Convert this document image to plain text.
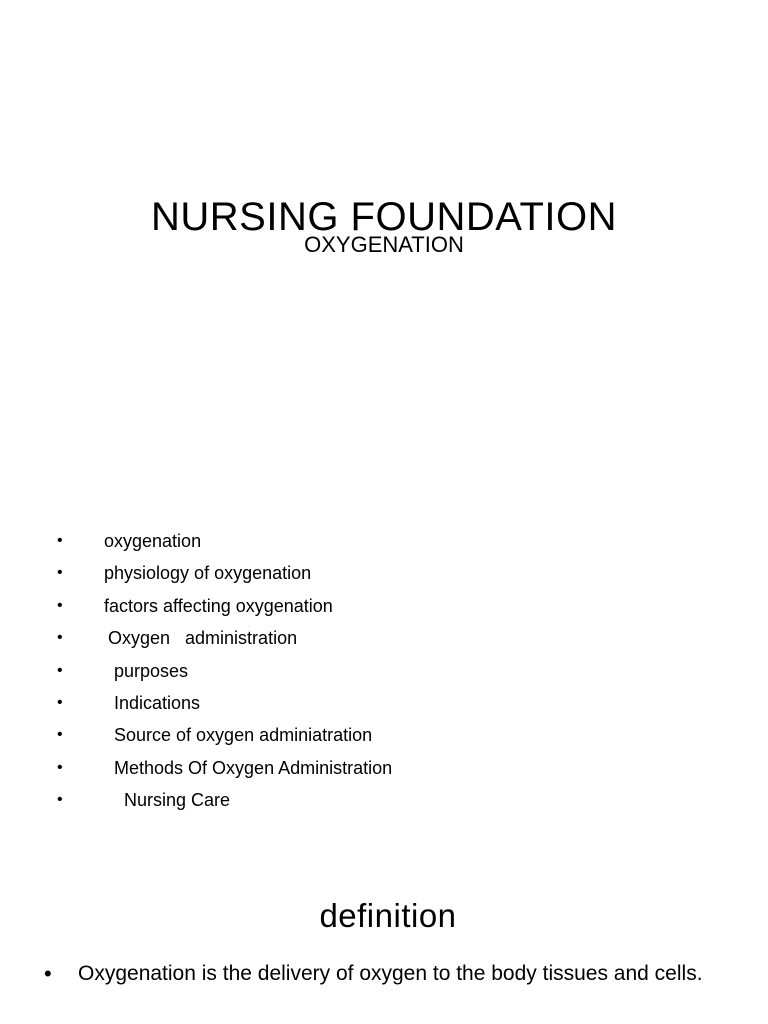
NURSING FOUNDATION
OXYGENATION
•	oxygenation
•	physiology of oxygenation
•	factors affecting oxygenation
•	Oxygen   administration
•	purposes
•	Indications
•	Source of oxygen adminiatration
•	Methods Of Oxygen Administration
•	Nursing Care
definition
• Oxygenation is the delivery of oxygen to the body tissues and cells.
